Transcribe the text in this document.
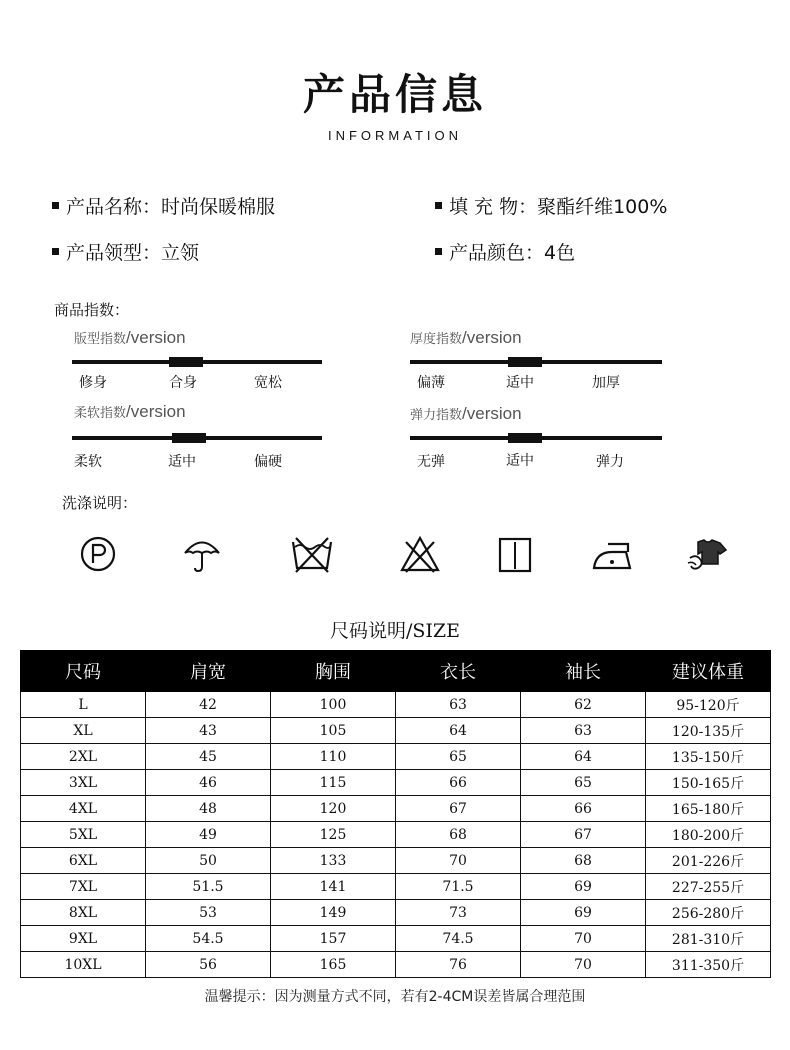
产品信息
INFORMATION
产品名称：时尚保暖棉服	填 充 物：聚酯纤维100%
产品领型：立领	产品颜色：4色
商品指数：
版型指数/version
修身	合身	宽松
厚度指数/version
偏薄	适中	加厚
柔软指数/version
柔软	适中	偏硬
弹力指数/version
无弹	适中	弹力
洗涤说明：
尺码说明/SIZE
尺码	肩宽	胸围	衣长	袖长	建议体重
L	42	100	63	62	95-120斤
XL	43	105	64	63	120-135斤
2XL	45	110	65	64	135-150斤
3XL	46	115	66	65	150-165斤
4XL	48	120	67	66	165-180斤
5XL	49	125	68	67	180-200斤
6XL	50	133	70	68	201-226斤
7XL	51.5	141	71.5	69	227-255斤
8XL	53	149	73	69	256-280斤
9XL	54.5	157	74.5	70	281-310斤
10XL	56	165	76	70	311-350斤
温馨提示：因为测量方式不同，若有2-4CM误差皆属合理范围
